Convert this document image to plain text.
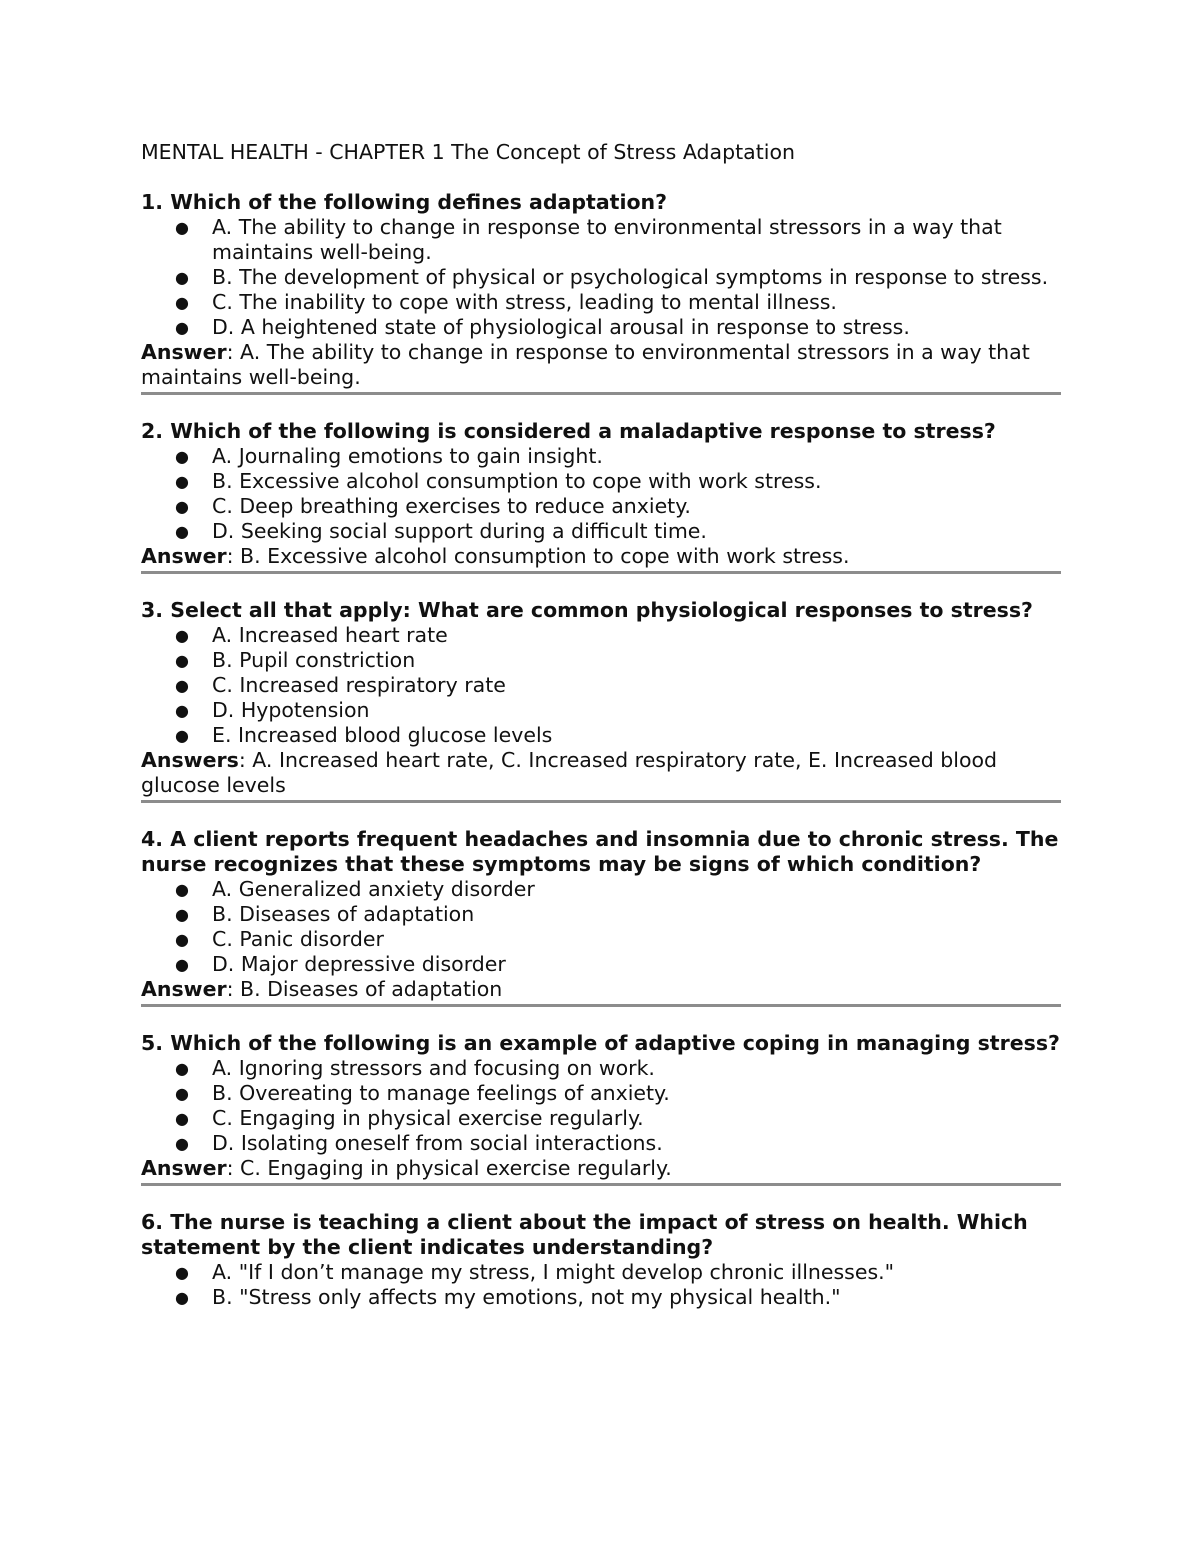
MENTAL HEALTH - CHAPTER 1 The Concept of Stress Adaptation

1. Which of the following defines adaptation?

● A. The ability to change in response to environmental stressors in a way that maintains well-being.
● B. The development of physical or psychological symptoms in response to stress.
● C. The inability to cope with stress, leading to mental illness.
● D. A heightened state of physiological arousal in response to stress.

Answer: A. The ability to change in response to environmental stressors in a way that maintains well-being.

2. Which of the following is considered a maladaptive response to stress?

● A. Journaling emotions to gain insight.
● B. Excessive alcohol consumption to cope with work stress.
● C. Deep breathing exercises to reduce anxiety.
● D. Seeking social support during a difficult time.

Answer: B. Excessive alcohol consumption to cope with work stress.

3. Select all that apply: What are common physiological responses to stress?

● A. Increased heart rate
● B. Pupil constriction
● C. Increased respiratory rate
● D. Hypotension
● E. Increased blood glucose levels

Answers: A. Increased heart rate, C. Increased respiratory rate, E. Increased blood glucose levels

4. A client reports frequent headaches and insomnia due to chronic stress. The nurse recognizes that these symptoms may be signs of which condition?

● A. Generalized anxiety disorder
● B. Diseases of adaptation
● C. Panic disorder
● D. Major depressive disorder

Answer: B. Diseases of adaptation

5. Which of the following is an example of adaptive coping in managing stress?

● A. Ignoring stressors and focusing on work.
● B. Overeating to manage feelings of anxiety.
● C. Engaging in physical exercise regularly.
● D. Isolating oneself from social interactions.

Answer: C. Engaging in physical exercise regularly.

6. The nurse is teaching a client about the impact of stress on health. Which statement by the client indicates understanding?

● A. "If I don’t manage my stress, I might develop chronic illnesses."
● B. "Stress only affects my emotions, not my physical health."
